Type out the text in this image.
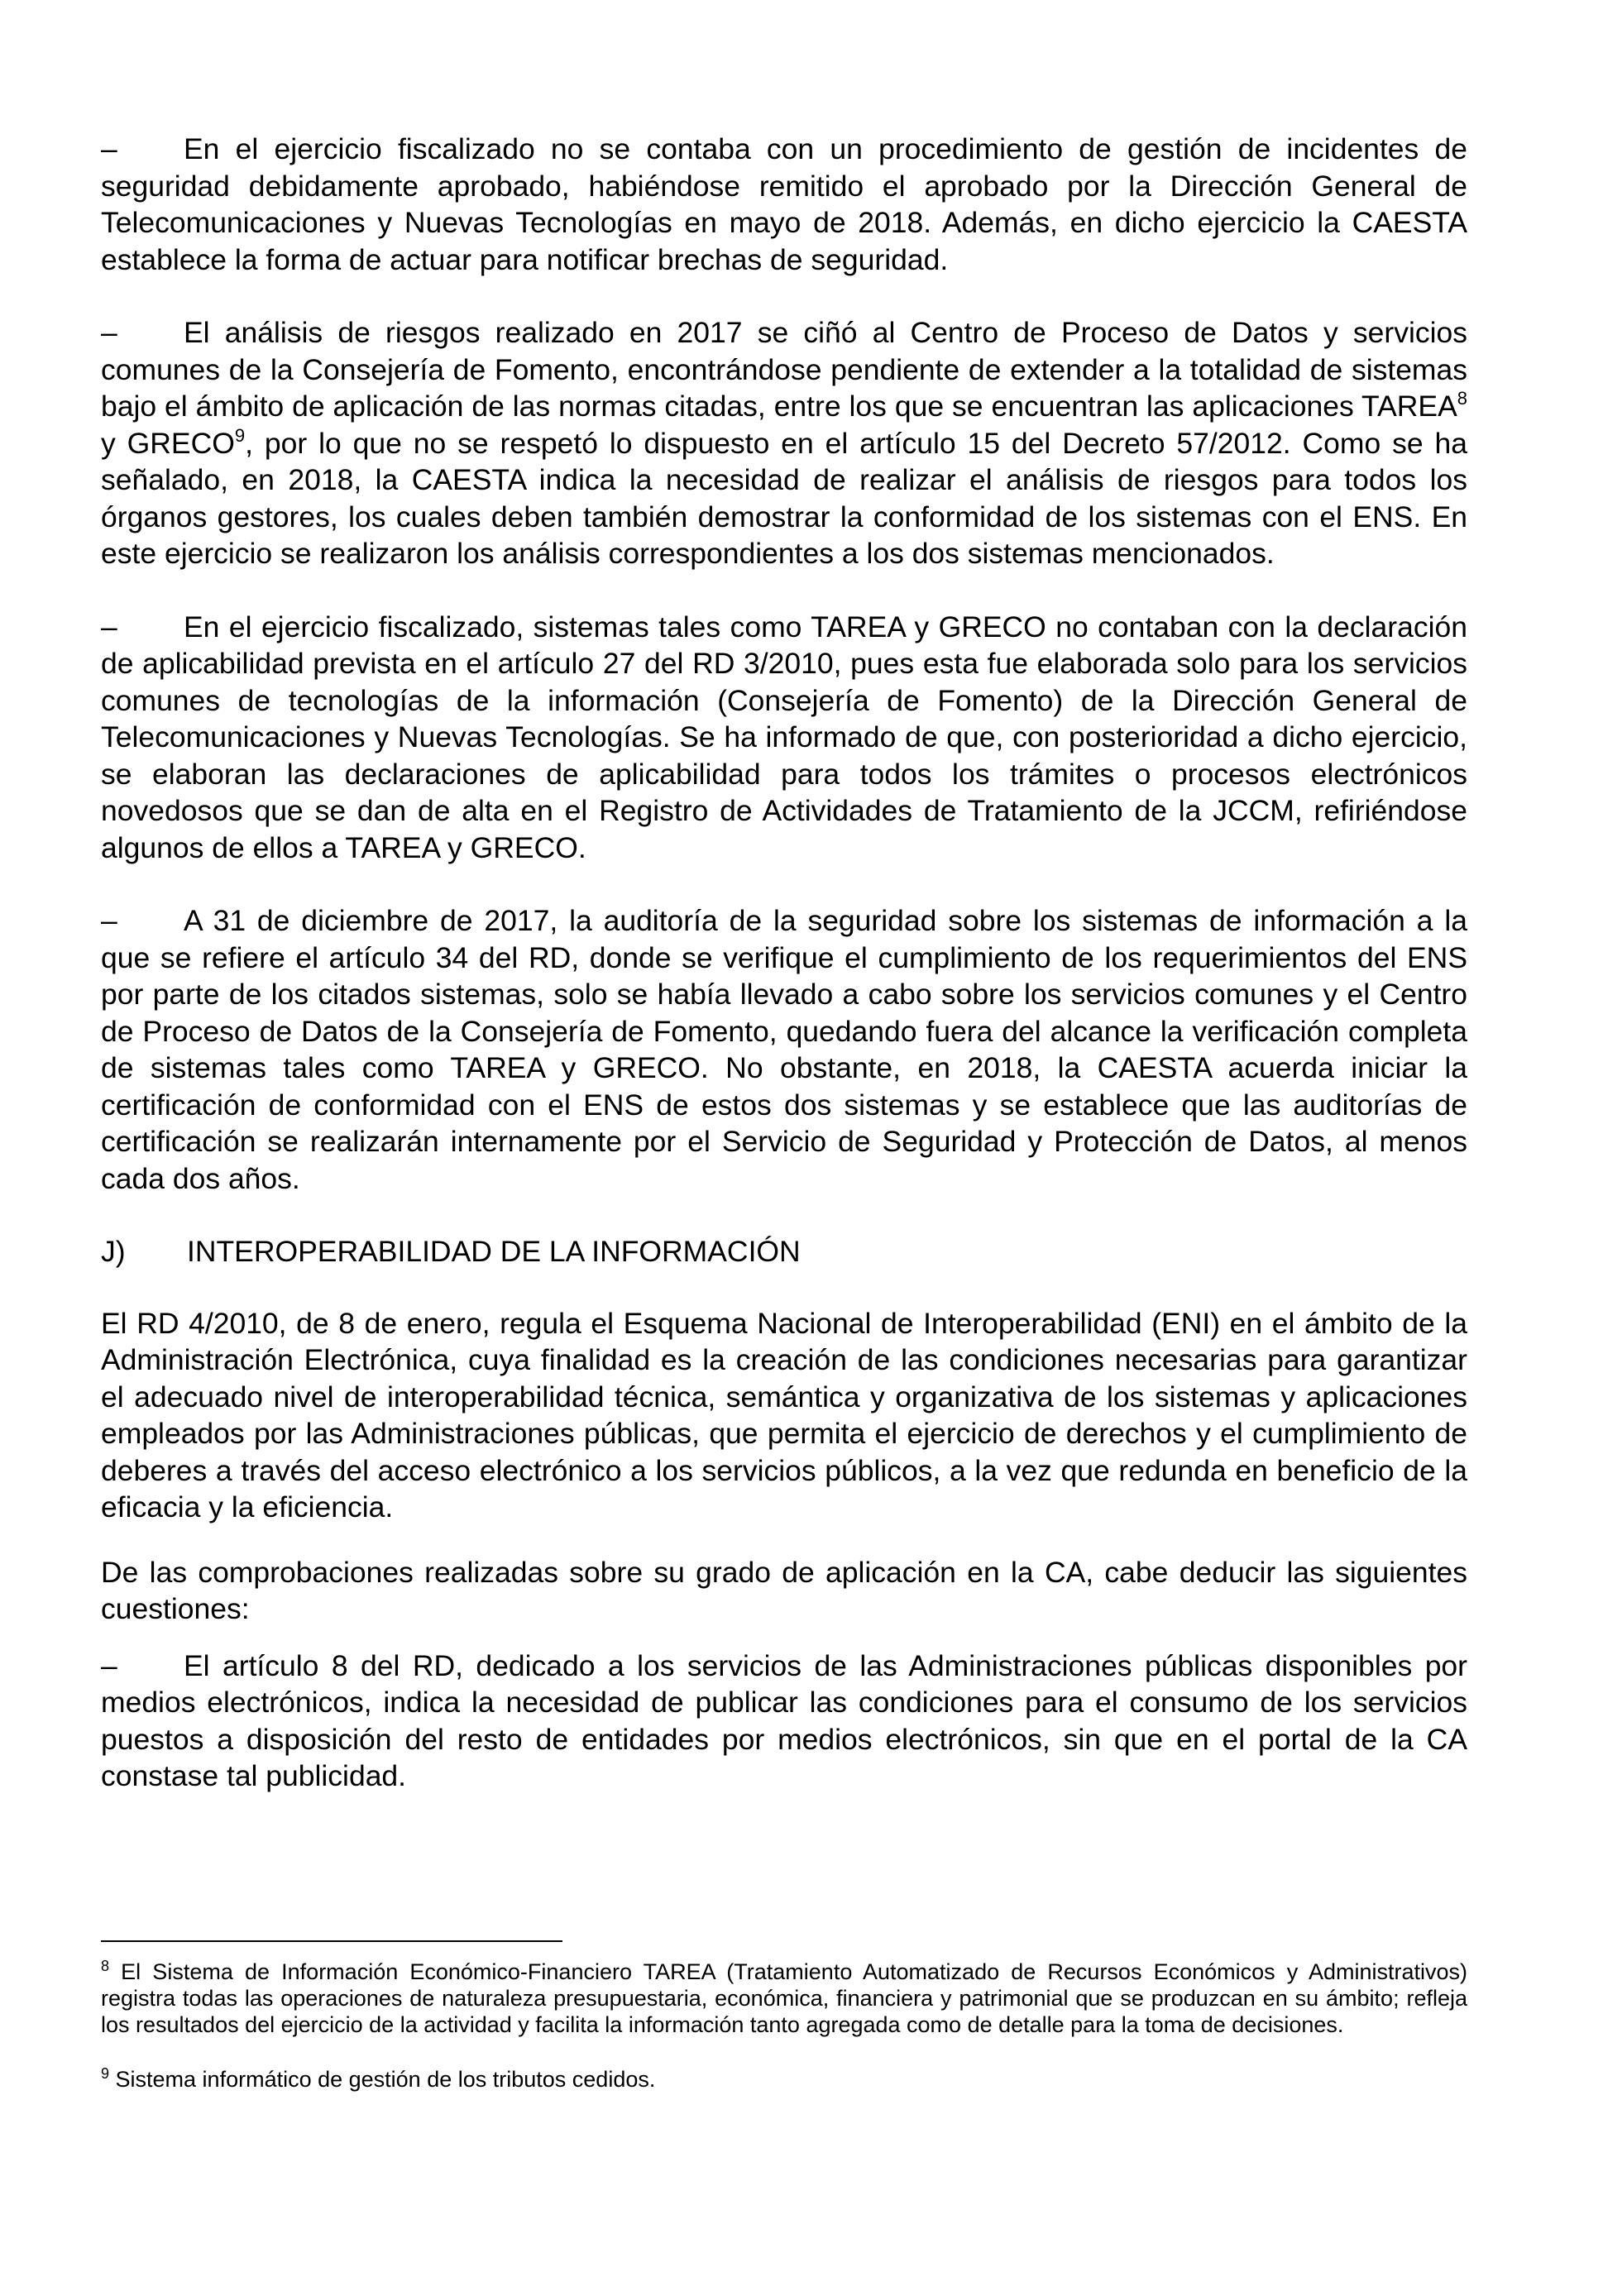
– En el ejercicio fiscalizado no se contaba con un procedimiento de gestión de incidentes de seguridad debidamente aprobado, habiéndose remitido el aprobado por la Dirección General de Telecomunicaciones y Nuevas Tecnologías en mayo de 2018. Además, en dicho ejercicio la CAESTA establece la forma de actuar para notificar brechas de seguridad.

– El análisis de riesgos realizado en 2017 se ciñó al Centro de Proceso de Datos y servicios comunes de la Consejería de Fomento, encontrándose pendiente de extender a la totalidad de sistemas bajo el ámbito de aplicación de las normas citadas, entre los que se encuentran las aplicaciones TAREA$^8$ y GRECO$^9$, por lo que no se respetó lo dispuesto en el artículo 15 del Decreto 57/2012. Como se ha señalado, en 2018, la CAESTA indica la necesidad de realizar el análisis de riesgos para todos los órganos gestores, los cuales deben también demostrar la conformidad de los sistemas con el ENS. En este ejercicio se realizaron los análisis correspondientes a los dos sistemas mencionados.

– En el ejercicio fiscalizado, sistemas tales como TAREA y GRECO no contaban con la declaración de aplicabilidad prevista en el artículo 27 del RD 3/2010, pues esta fue elaborada solo para los servicios comunes de tecnologías de la información (Consejería de Fomento) de la Dirección General de Telecomunicaciones y Nuevas Tecnologías. Se ha informado de que, con posterioridad a dicho ejercicio, se elaboran las declaraciones de aplicabilidad para todos los trámites o procesos electrónicos novedosos que se dan de alta en el Registro de Actividades de Tratamiento de la JCCM, refiriéndose algunos de ellos a TAREA y GRECO.

– A 31 de diciembre de 2017, la auditoría de la seguridad sobre los sistemas de información a la que se refiere el artículo 34 del RD, donde se verifique el cumplimiento de los requerimientos del ENS por parte de los citados sistemas, solo se había llevado a cabo sobre los servicios comunes y el Centro de Proceso de Datos de la Consejería de Fomento, quedando fuera del alcance la verificación completa de sistemas tales como TAREA y GRECO. No obstante, en 2018, la CAESTA acuerda iniciar la certificación de conformidad con el ENS de estos dos sistemas y se establece que las auditorías de certificación se realizarán internamente por el Servicio de Seguridad y Protección de Datos, al menos cada dos años.

J)	INTEROPERABILIDAD DE LA INFORMACIÓN

El RD 4/2010, de 8 de enero, regula el Esquema Nacional de Interoperabilidad (ENI) en el ámbito de la Administración Electrónica, cuya finalidad es la creación de las condiciones necesarias para garantizar el adecuado nivel de interoperabilidad técnica, semántica y organizativa de los sistemas y aplicaciones empleados por las Administraciones públicas, que permita el ejercicio de derechos y el cumplimiento de deberes a través del acceso electrónico a los servicios públicos, a la vez que redunda en beneficio de la eficacia y la eficiencia.

De las comprobaciones realizadas sobre su grado de aplicación en la CA, cabe deducir las siguientes cuestiones:

– El artículo 8 del RD, dedicado a los servicios de las Administraciones públicas disponibles por medios electrónicos, indica la necesidad de publicar las condiciones para el consumo de los servicios puestos a disposición del resto de entidades por medios electrónicos, sin que en el portal de la CA constase tal publicidad.

$^8$ El Sistema de Información Económico-Financiero TAREA (Tratamiento Automatizado de Recursos Económicos y Administrativos) registra todas las operaciones de naturaleza presupuestaria, económica, financiera y patrimonial que se produzcan en su ámbito; refleja los resultados del ejercicio de la actividad y facilita la información tanto agregada como de detalle para la toma de decisiones.

$^9$ Sistema informático de gestión de los tributos cedidos.
